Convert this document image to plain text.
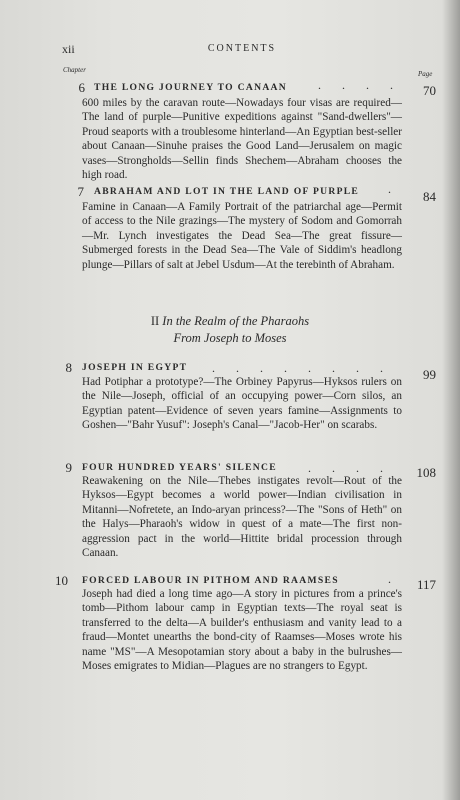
xii	CONTENTS
Chapter	Page
6 THE LONG JOURNEY TO CANAAN	. . . .	70
600 miles by the caravan route—Nowadays four visas are required—The land of purple—Punitive expeditions against "Sand-dwellers"—Proud seaports with a troublesome hinterland—An Egyptian best-seller about Canaan—Sinuhe praises the Good Land—Jerusalem on magic vases—Strongholds—Sellin finds Shechem—Abraham chooses the high road.
7 ABRAHAM AND LOT IN THE LAND OF PURPLE .	84
Famine in Canaan—A Family Portrait of the patriarchal age—Permit of access to the Nile grazings—The mystery of Sodom and Gomorrah—Mr. Lynch investigates the Dead Sea—The great fissure—Submerged forests in the Dead Sea—The Vale of Siddim's headlong plunge—Pillars of salt at Jebel Usdum—At the terebinth of Abraham.
II In the Realm of the Pharaohs
From Joseph to Moses
8 JOSEPH IN EGYPT . . . . . . . .	99
Had Potiphar a prototype?—The Orbiney Papyrus—Hyksos rulers on the Nile—Joseph, official of an occupying power—Corn silos, an Egyptian patent—Evidence of seven years famine—Assignments to Goshen—"Bahr Yusuf": Joseph's Canal—"Jacob-Her" on scarabs.
9 FOUR HUNDRED YEARS' SILENCE	. . . .	108
Reawakening on the Nile—Thebes instigates revolt—Rout of the Hyksos—Egypt becomes a world power—Indian civilisation in Mitanni—Nofretete, an Indo-aryan princess?—The "Sons of Heth" on the Halys—Pharaoh's widow in quest of a mate—The first non-aggression pact in the world—Hittite bridal procession through Canaan.
10 FORCED LABOUR IN PITHOM AND RAAMSES	.	117
Joseph had died a long time ago—A story in pictures from a prince's tomb—Pithom labour camp in Egyptian texts—The royal seat is transferred to the delta—A builder's enthusiasm and vanity lead to a fraud—Montet unearths the bond-city of Raamses—Moses wrote his name "MS"—A Mesopotamian story about a baby in the bulrushes—Moses emigrates to Midian—Plagues are no strangers to Egypt.
